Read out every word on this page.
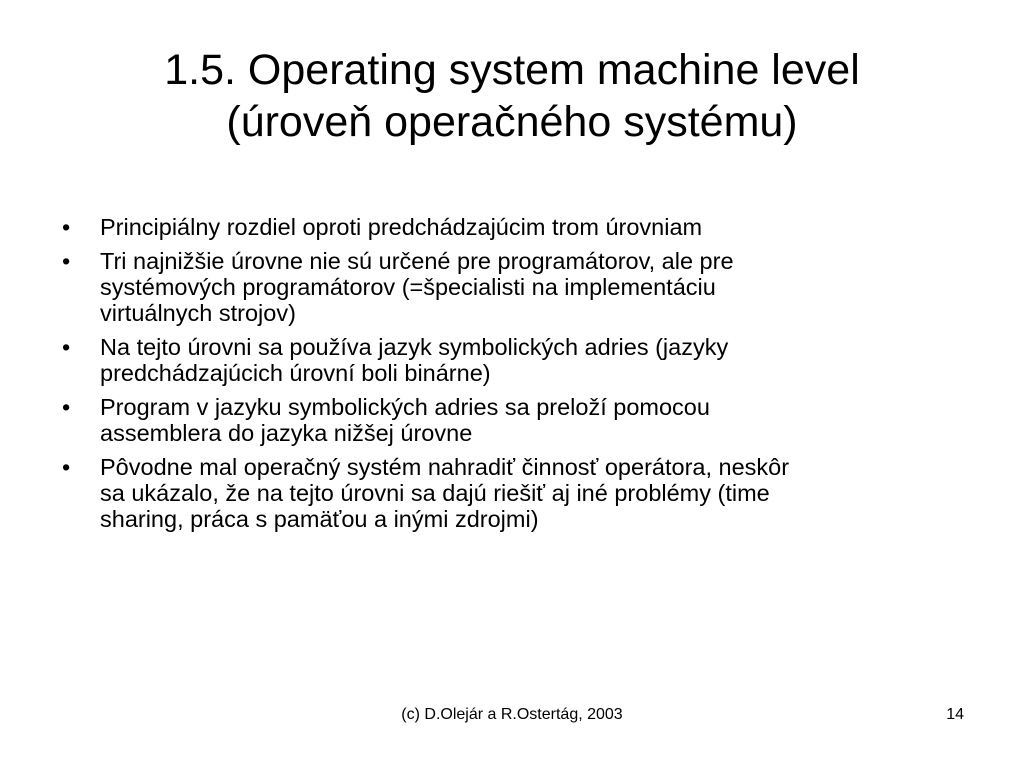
1.5. Operating system machine level
(úroveň operačného systému)
• Principiálny rozdiel oproti predchádzajúcim trom úrovniam
• Tri najnižšie úrovne nie sú určené pre programátorov, ale pre
systémových programátorov (=špecialisti na implementáciu
virtuálnych strojov)
• Na tejto úrovni sa používa jazyk symbolických adries (jazyky
predchádzajúcich úrovní boli binárne)
• Program v jazyku symbolických adries sa preloží pomocou
assemblera do jazyka nižšej úrovne
• Pôvodne mal operačný systém nahradiť činnosť operátora, neskôr
sa ukázalo, že na tejto úrovni sa dajú riešiť aj iné problémy (time
sharing, práca s pamäťou a inými zdrojmi)
(c) D.Olejár a R.Ostertág, 2003	14
